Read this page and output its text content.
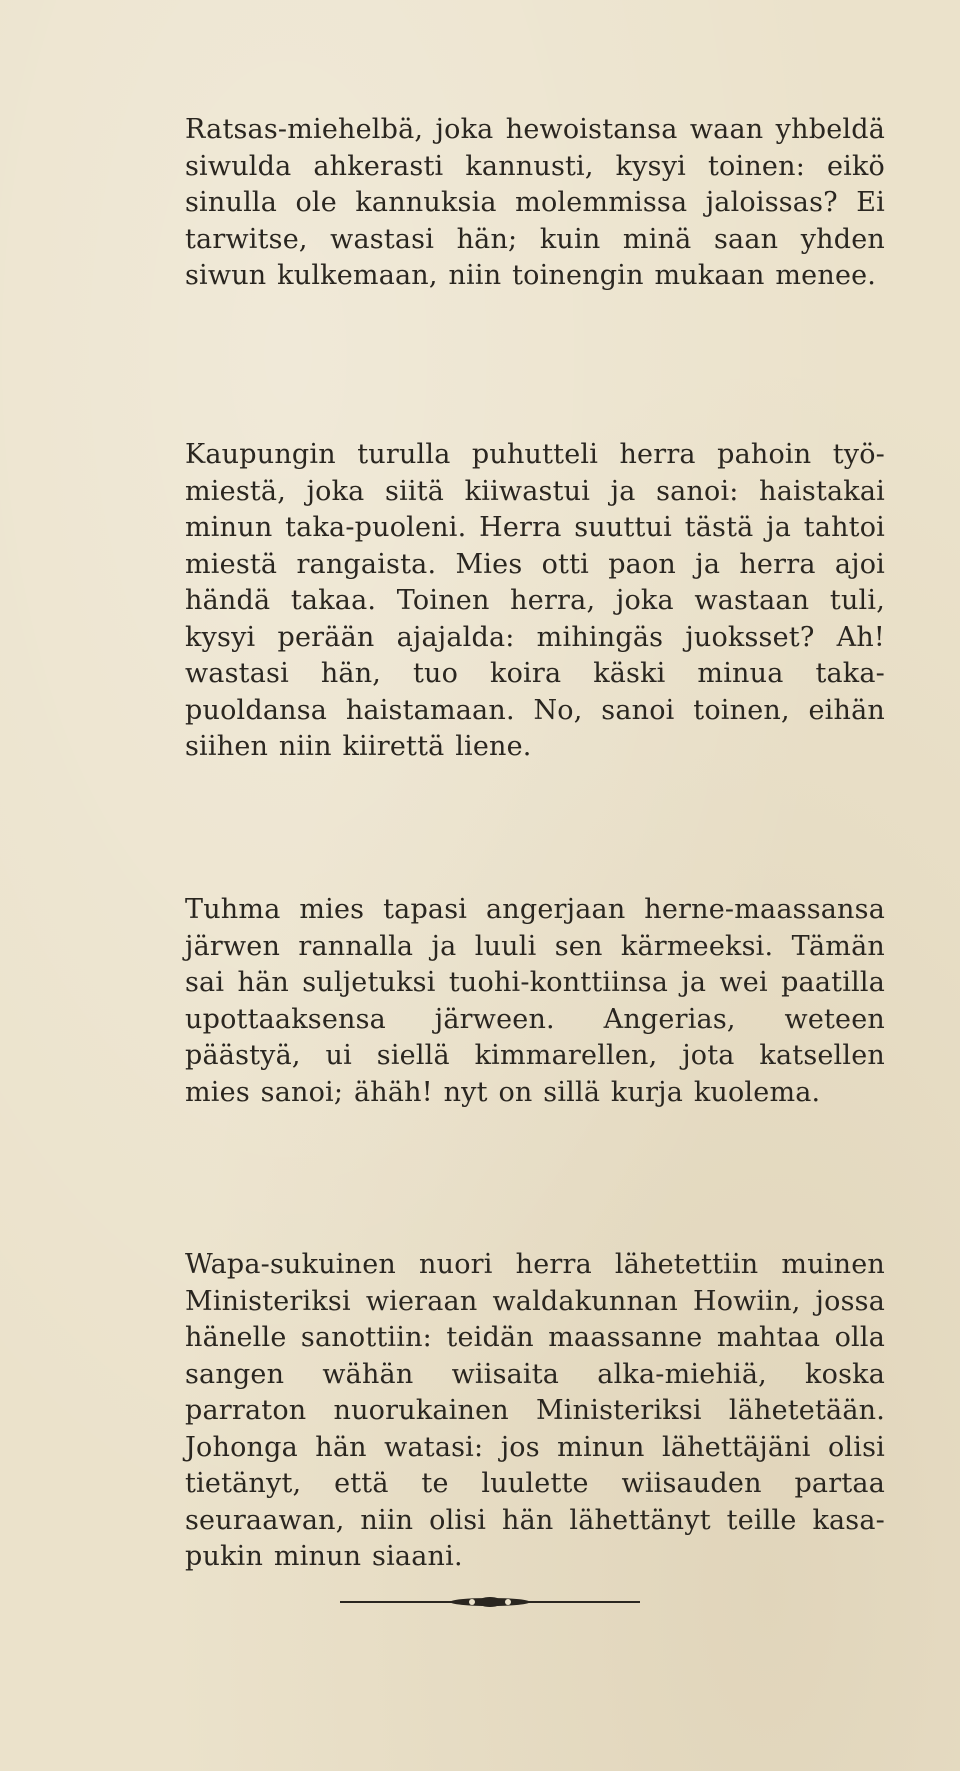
Ratsas-miehelbä, joka hewoistansa waan yhbeldä siwulda ahkerasti kannusti, kysyi toinen: eikö sinulla ole kannuksia molemmissa jaloissas? Ei tarwitse, wastasi hän; kuin minä saan yhden siwun kulkemaan, niin toinengin mukaan menee.

Kaupungin turulla puhutteli herra pahoin työ-miestä, joka siitä kiiwastui ja sanoi: haistakai minun taka-puoleni. Herra suuttui tästä ja tahtoi miestä rangaista. Mies otti paon ja herra ajoi händä takaa. Toinen herra, joka wastaan tuli, kysyi perään ajajalda: mihingäs juoksset? Ah! wastasi hän, tuo koira käski minua taka-puoldansa haistamaan. No, sanoi toinen, eihän siihen niin kiirettä liene.

Tuhma mies tapasi angerjaan herne-maassansa järwen rannalla ja luuli sen kärmeeksi. Tämän sai hän suljetuksi tuohi-konttiinsa ja wei paatilla upottaaksensa järween. Angerias, weteen päästyä, ui siellä kimmarellen, jota katsellen mies sanoi; ähäh! nyt on sillä kurja kuolema.

Wapa-sukuinen nuori herra lähetettiin muinen Ministeriksi wieraan waldakunnan Howiin, jossa hänelle sanottiin: teidän maassanne mahtaa olla sangen wähän wiisaita alka-miehiä, koska parraton nuorukainen Ministeriksi lähetetään. Johonga hän watasi: jos minun lähettäjäni olisi tietänyt, että te luulette wiisauden partaa seuraawan, niin olisi hän lähettänyt teille kasa-pukin minun siaani.
